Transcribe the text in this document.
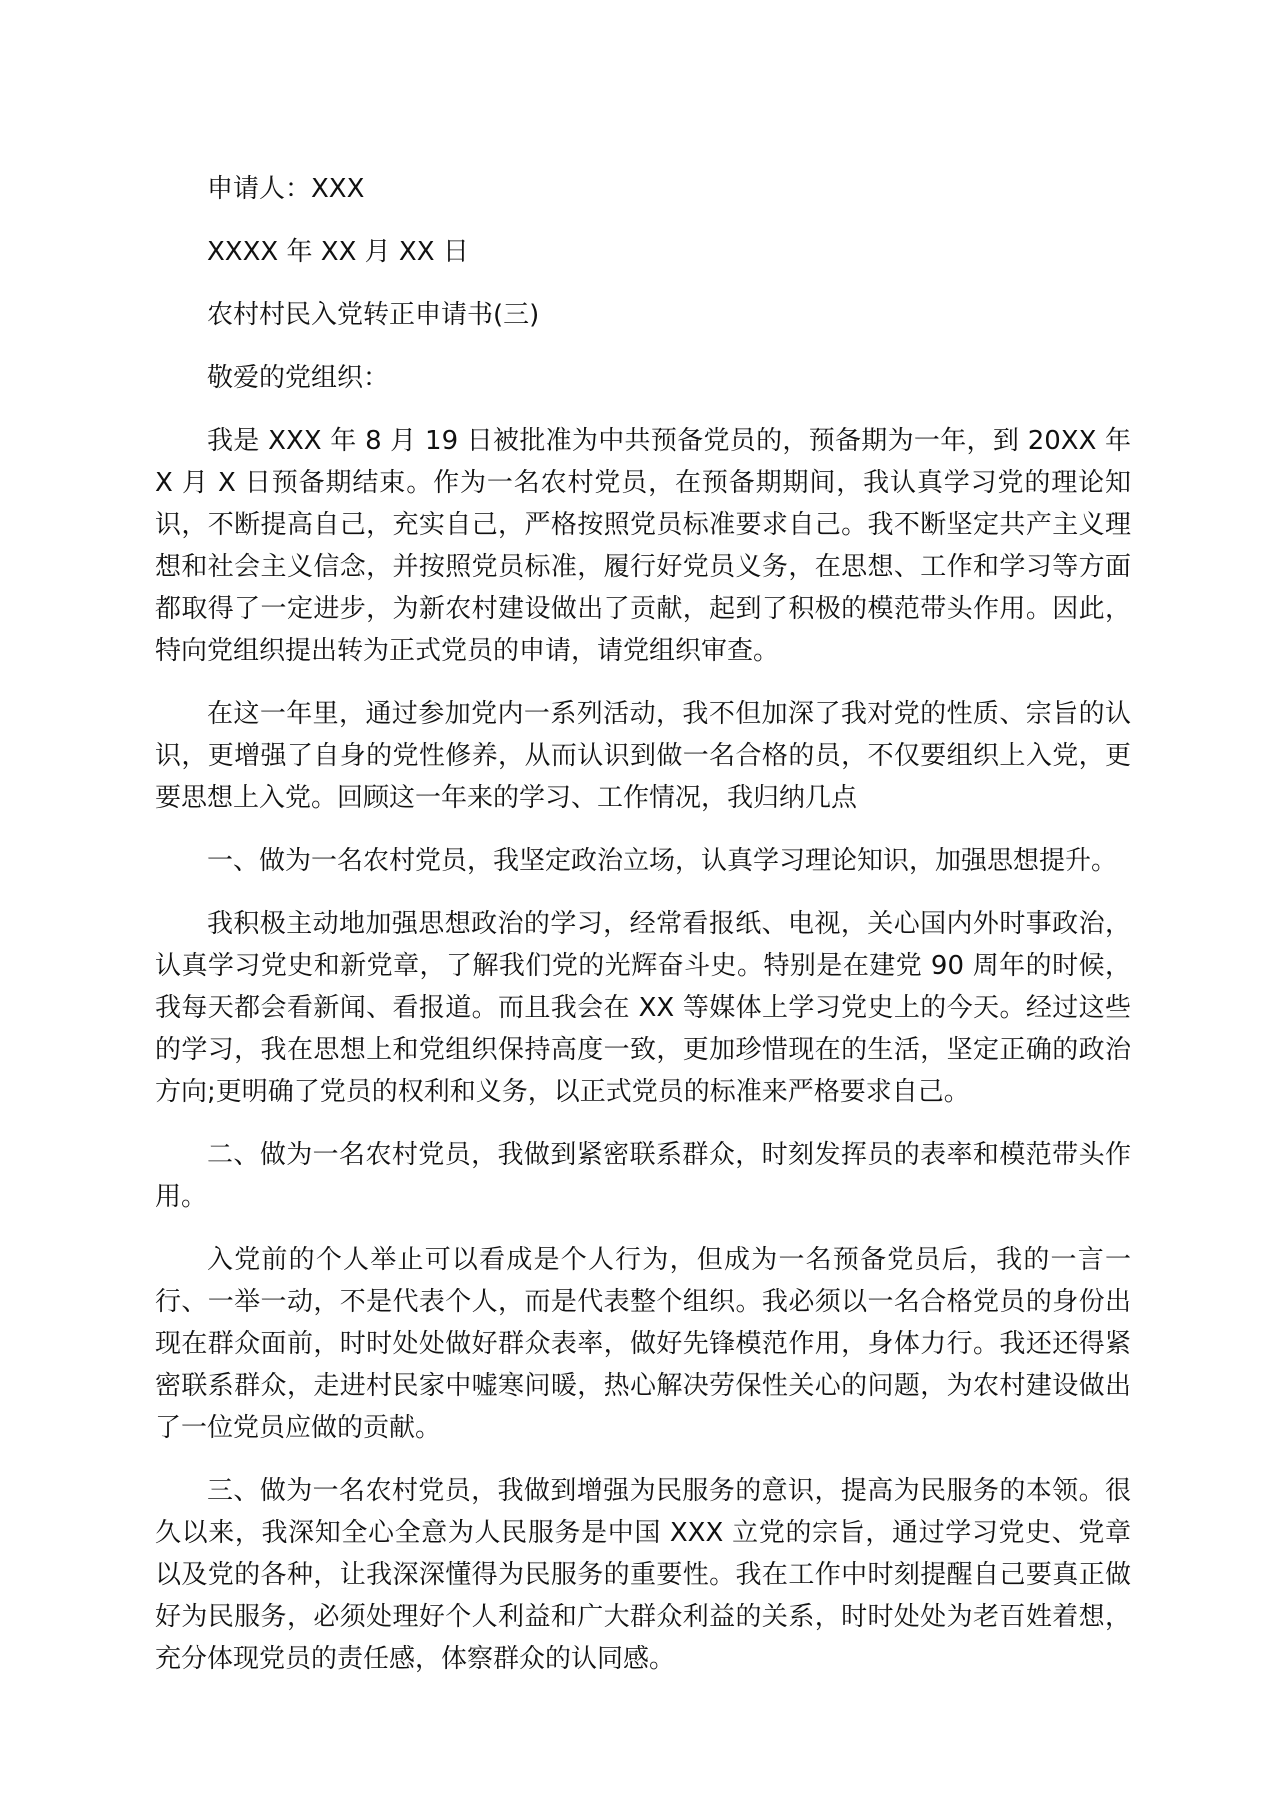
申请人：XXX

XXXX 年 XX 月 XX 日

农村村民入党转正申请书(三)

敬爱的党组织：

我是 XXX 年 8 月 19 日被批准为中共预备党员的，预备期为一年，到 20XX 年 X 月 X 日预备期结束。作为一名农村党员，在预备期期间，我认真学习党的理论知识，不断提高自己，充实自己，严格按照党员标准要求自己。我不断坚定共产主义理想和社会主义信念，并按照党员标准，履行好党员义务，在思想、工作和学习等方面都取得了一定进步，为新农村建设做出了贡献，起到了积极的模范带头作用。因此，特向党组织提出转为正式党员的申请，请党组织审查。

在这一年里，通过参加党内一系列活动，我不但加深了我对党的性质、宗旨的认识，更增强了自身的党性修养，从而认识到做一名合格的员，不仅要组织上入党，更要思想上入党。回顾这一年来的学习、工作情况，我归纳几点

一、做为一名农村党员，我坚定政治立场，认真学习理论知识，加强思想提升。

我积极主动地加强思想政治的学习，经常看报纸、电视，关心国内外时事政治，认真学习党史和新党章，了解我们党的光辉奋斗史。特别是在建党 90 周年的时候，我每天都会看新闻、看报道。而且我会在 XX 等媒体上学习党史上的今天。经过这些的学习，我在思想上和党组织保持高度一致，更加珍惜现在的生活，坚定正确的政治方向;更明确了党员的权利和义务，以正式党员的标准来严格要求自己。

二、做为一名农村党员，我做到紧密联系群众，时刻发挥员的表率和模范带头作用。

入党前的个人举止可以看成是个人行为，但成为一名预备党员后，我的一言一行、一举一动，不是代表个人，而是代表整个组织。我必须以一名合格党员的身份出现在群众面前，时时处处做好群众表率，做好先锋模范作用，身体力行。我还还得紧密联系群众，走进村民家中嘘寒问暖，热心解决劳保性关心的问题，为农村建设做出了一位党员应做的贡献。

三、做为一名农村党员，我做到增强为民服务的意识，提高为民服务的本领。很久以来，我深知全心全意为人民服务是中国 XXX 立党的宗旨，通过学习党史、党章以及党的各种，让我深深懂得为民服务的重要性。我在工作中时刻提醒自己要真正做好为民服务，必须处理好个人利益和广大群众利益的关系，时时处处为老百姓着想，充分体现党员的责任感，体察群众的认同感。
